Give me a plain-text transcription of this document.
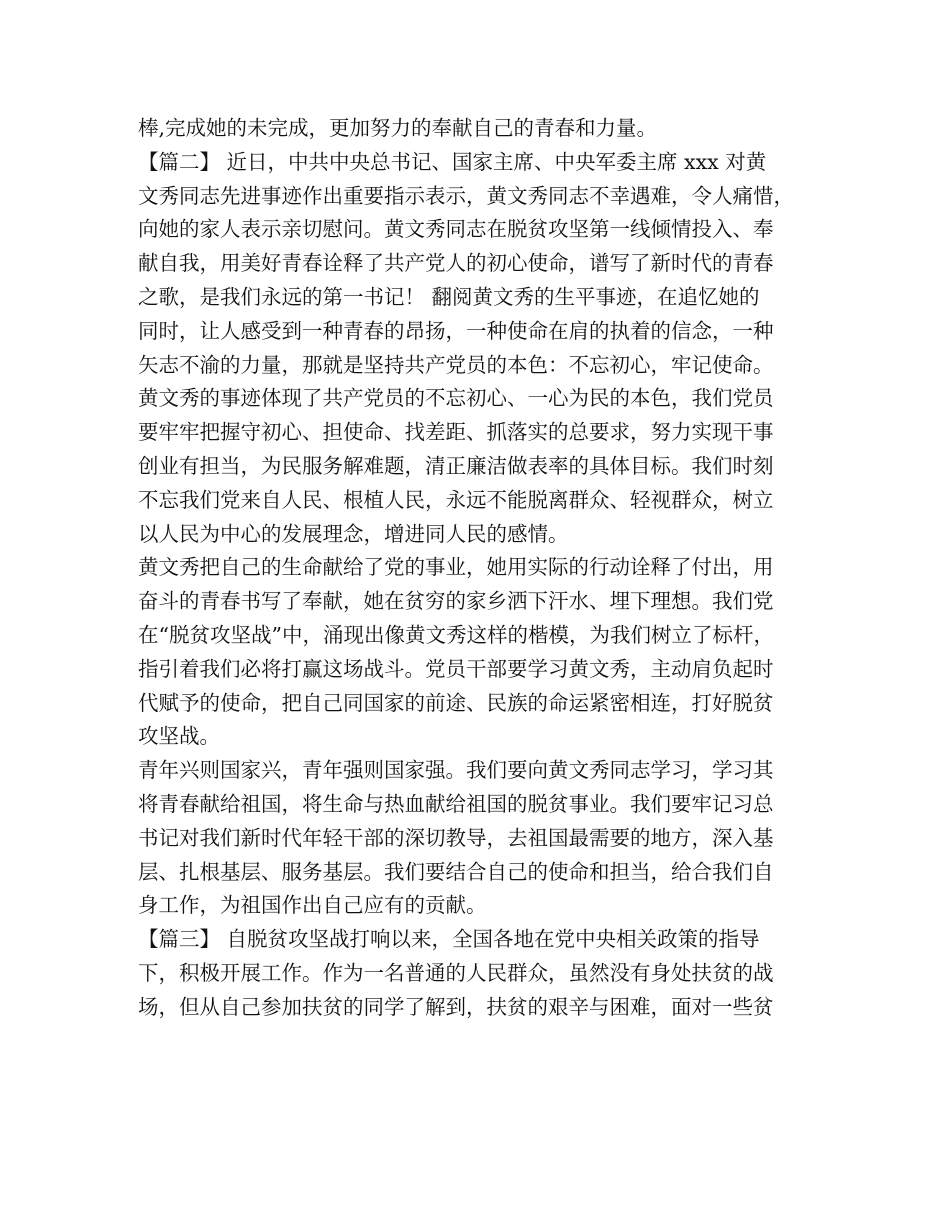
棒,完成她的未完成，更加努力的奉献自己的青春和力量。
【篇二】 近日，中共中央总书记、国家主席、中央军委主席 xxx 对黄
文秀同志先进事迹作出重要指示表示，黄文秀同志不幸遇难，令人痛惜，
向她的家人表示亲切慰问。黄文秀同志在脱贫攻坚第一线倾情投入、奉
献自我，用美好青春诠释了共产党人的初心使命，谱写了新时代的青春
之歌，是我们永远的第一书记！ 翻阅黄文秀的生平事迹，在追忆她的
同时，让人感受到一种青春的昂扬，一种使命在肩的执着的信念，一种
矢志不渝的力量，那就是坚持共产党员的本色：不忘初心，牢记使命。
黄文秀的事迹体现了共产党员的不忘初心、一心为民的本色，我们党员
要牢牢把握守初心、担使命、找差距、抓落实的总要求，努力实现干事
创业有担当，为民服务解难题，清正廉洁做表率的具体目标。我们时刻
不忘我们党来自人民、根植人民，永远不能脱离群众、轻视群众，树立
以人民为中心的发展理念，增进同人民的感情。
黄文秀把自己的生命献给了党的事业，她用实际的行动诠释了付出，用
奋斗的青春书写了奉献，她在贫穷的家乡洒下汗水、埋下理想。我们党
在“脱贫攻坚战”中，涌现出像黄文秀这样的楷模，为我们树立了标杆，
指引着我们必将打赢这场战斗。党员干部要学习黄文秀，主动肩负起时
代赋予的使命，把自己同国家的前途、民族的命运紧密相连，打好脱贫
攻坚战。
青年兴则国家兴，青年强则国家强。我们要向黄文秀同志学习，学习其
将青春献给祖国，将生命与热血献给祖国的脱贫事业。我们要牢记习总
书记对我们新时代年轻干部的深切教导，去祖国最需要的地方，深入基
层、扎根基层、服务基层。我们要结合自己的使命和担当，给合我们自
身工作，为祖国作出自己应有的贡献。
【篇三】 自脱贫攻坚战打响以来，全国各地在党中央相关政策的指导
下，积极开展工作。作为一名普通的人民群众，虽然没有身处扶贫的战
场，但从自己参加扶贫的同学了解到，扶贫的艰辛与困难，面对一些贫
